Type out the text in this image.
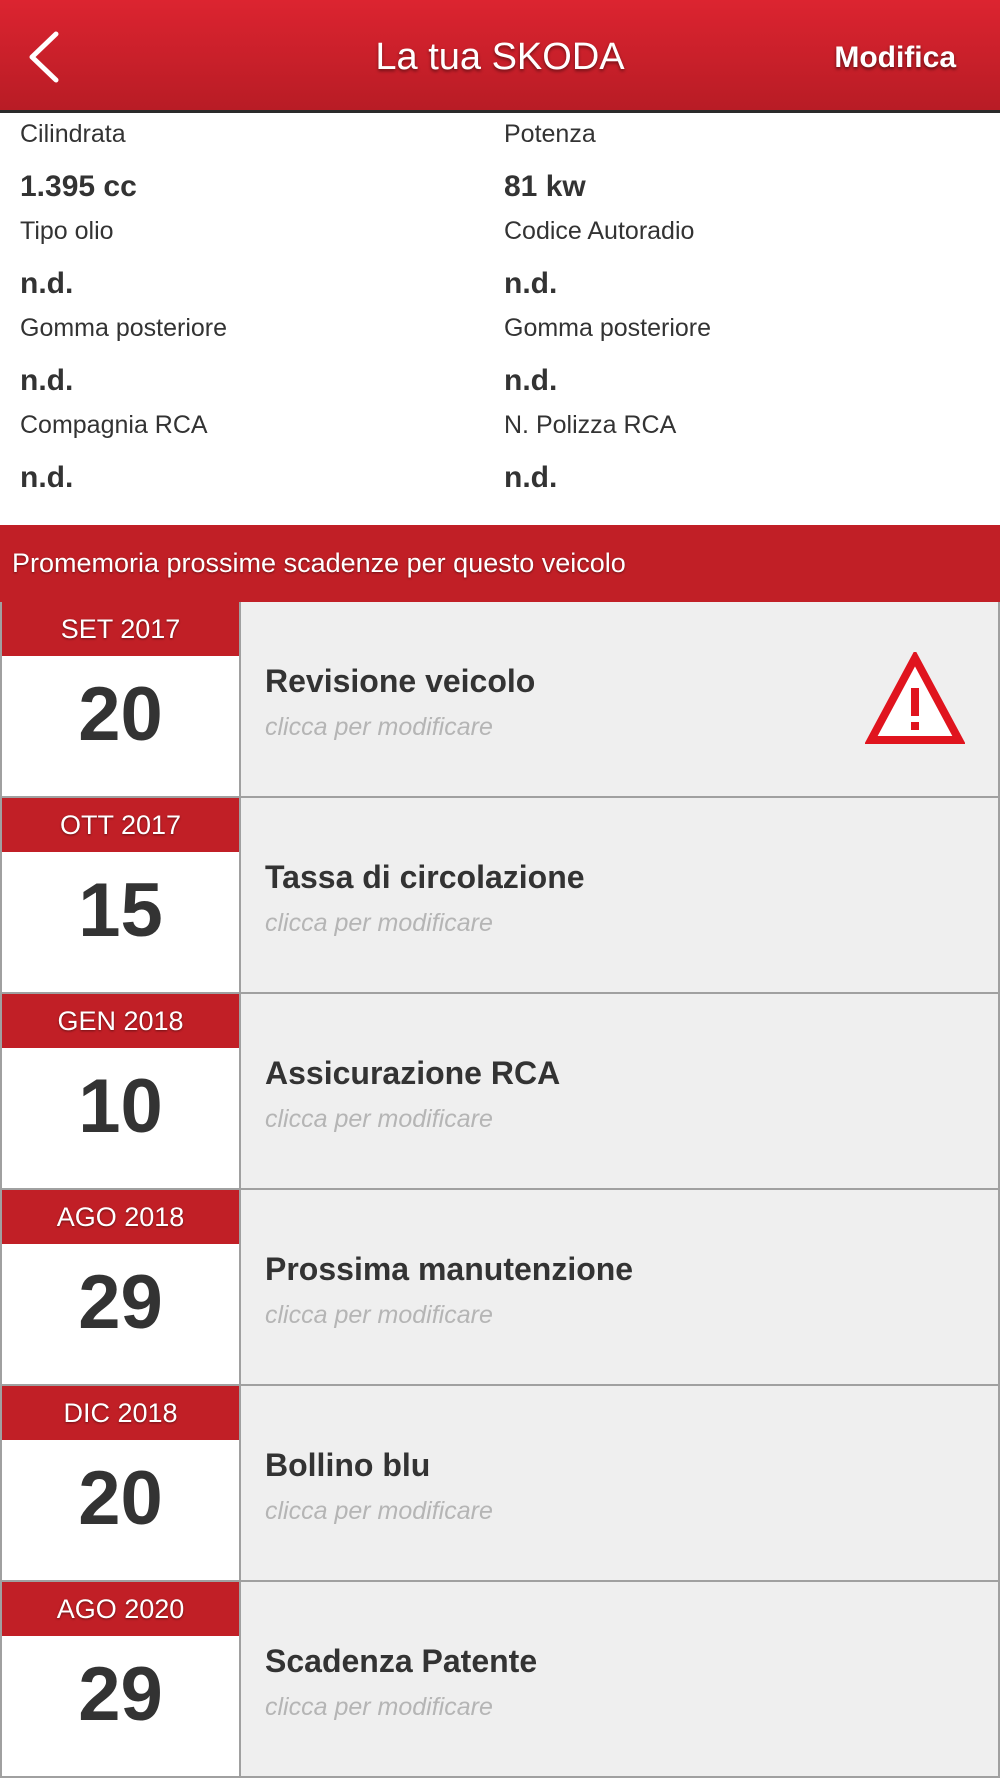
La tua SKODA	Modifica
Cilindrata
1.395 cc
Potenza
81 kw
Tipo olio
n.d.
Codice Autoradio
n.d.
Gomma posteriore
n.d.
Gomma posteriore
n.d.
Compagnia RCA
n.d.
N. Polizza RCA
n.d.
Promemoria prossime scadenze per questo veicolo
SET 2017
20	Revisione veicolo
clicca per modificare
OTT 2017
15	Tassa di circolazione
clicca per modificare
GEN 2018
10	Assicurazione RCA
clicca per modificare
AGO 2018
29	Prossima manutenzione
clicca per modificare
DIC 2018
20	Bollino blu
clicca per modificare
AGO 2020
29	Scadenza Patente
clicca per modificare
